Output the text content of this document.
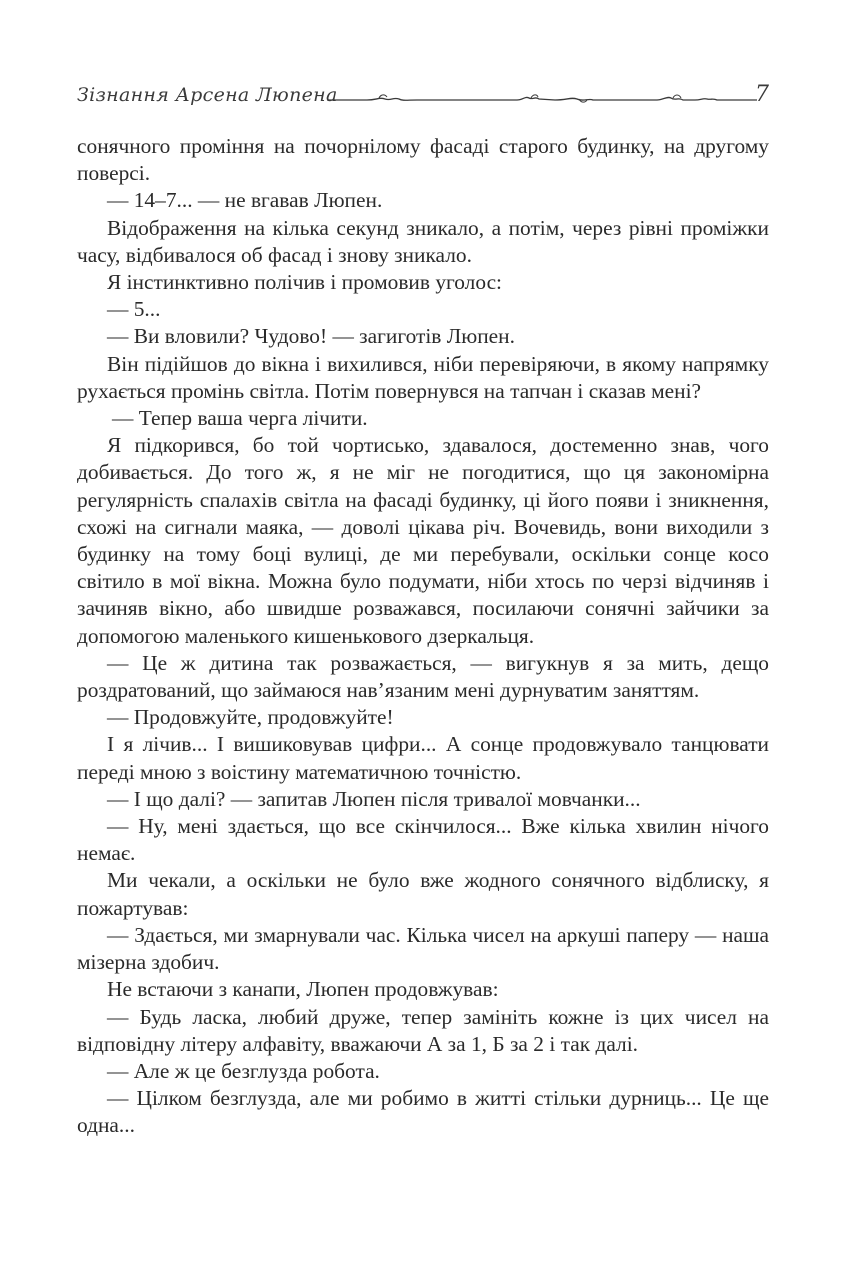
Зізнання Арсена Люпена	7

сонячного проміння на почорнілому фасаді старого будинку, на другому поверсі.

— 14–7... — не вгавав Люпен.

Відображення на кілька секунд зникало, а потім, через рівні проміжки часу, відбивалося об фасад і знову зникало.

Я інстинктивно полічив і промовив уголос:

— 5...

— Ви вловили? Чудово! — загиготів Люпен.

Він підійшов до вікна і вихилився, ніби перевіряючи, в якому напрямку рухається промінь світла. Потім повернувся на тапчан і сказав мені?

— Тепер ваша черга лічити.

Я підкорився, бо той чортисько, здавалося, достеменно знав, чого добивається. До того ж, я не міг не погодитися, що ця закономірна регулярність спалахів світла на фасаді будинку, ці його появи і зникнення, схожі на сигнали маяка, — доволі цікава річ. Вочевидь, вони виходили з будинку на тому боці вулиці, де ми перебували, оскільки сонце косо світило в мої вікна. Можна було подумати, ніби хтось по черзі відчиняв і зачиняв вікно, або швидше розважався, посилаючи сонячні зайчики за допомогою маленького кишенькового дзеркальця.

— Це ж дитина так розважається, — вигукнув я за мить, дещо роздратований, що займаюся нав’язаним мені дурнуватим заняттям.

— Продовжуйте, продовжуйте!

І я лічив... І вишиковував цифри... А сонце продовжувало танцювати переді мною з воістину математичною точністю.

— І що далі? — запитав Люпен після тривалої мовчанки...

— Ну, мені здається, що все скінчилося... Вже кілька хвилин нічого немає.

Ми чекали, а оскільки не було вже жодного сонячного відблиску, я пожартував:

— Здається, ми змарнували час. Кілька чисел на аркуші паперу — наша мізерна здобич.

Не встаючи з канапи, Люпен продовжував:

— Будь ласка, любий друже, тепер замініть кожне із цих чисел на відповідну літеру алфавіту, вважаючи А за 1, Б за 2 і так далі.

— Але ж це безглузда робота.

— Цілком безглузда, але ми робимо в житті стільки дурниць... Це ще одна...
